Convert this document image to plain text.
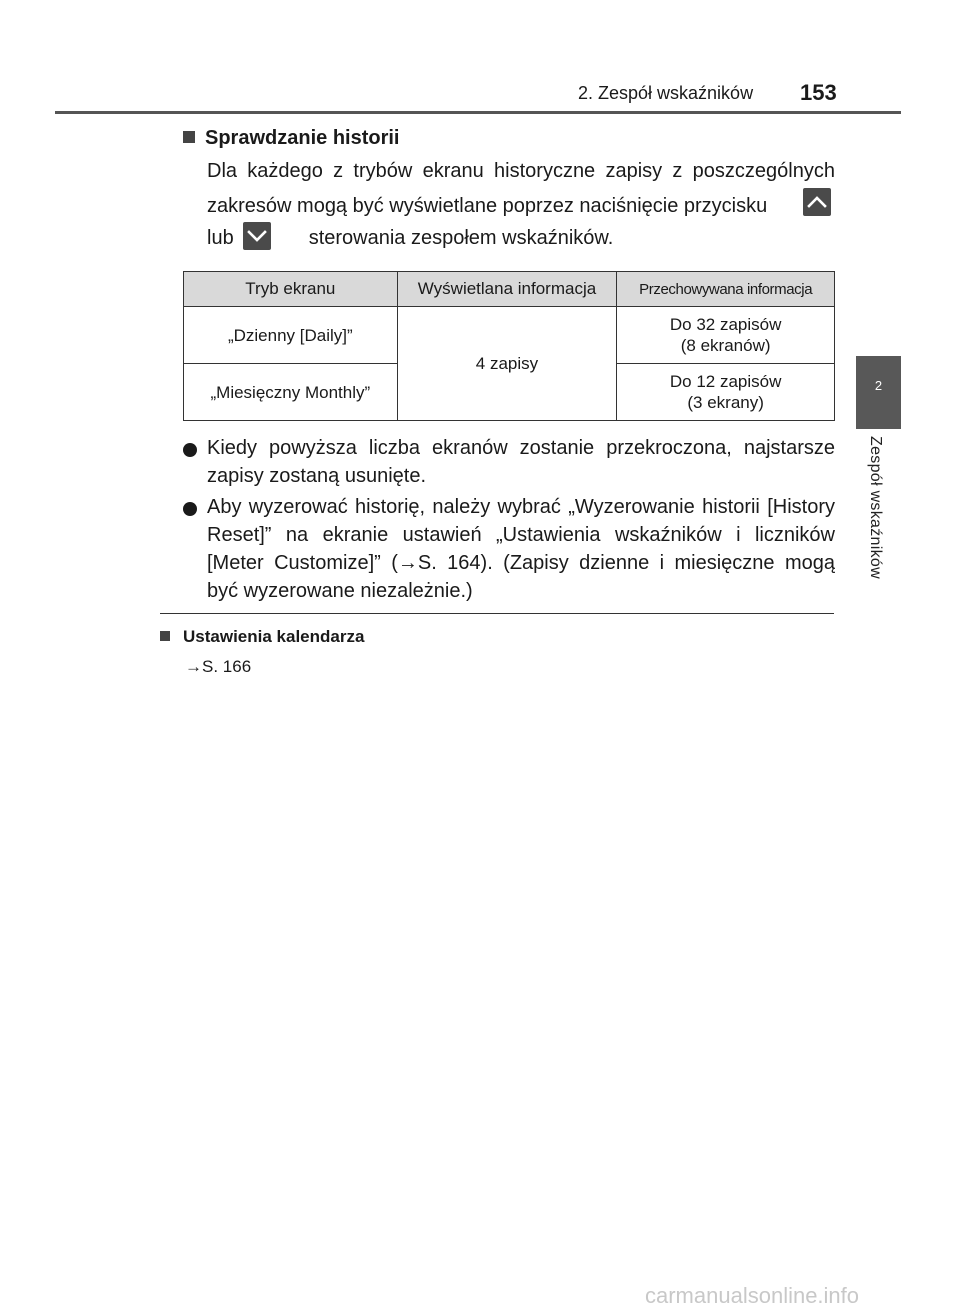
2. Zespół wskaźników 153
2
Zespół wskaźników
Sprawdzanie historii
Dla każdego z trybów ekranu historyczne zapisy z poszczególnych
zakresów mogą być wyświetlane poprzez naciśnięcie przycisku
lub	sterowania zespołem wskaźników.
Tryb ekranu	Wyświetlana informacja	Przechowywana informacja
„Dzienny [Daily]”	4 zapisy	Do 32 zapisów
(8 ekranów)
„Miesięczny Monthly”		Do 12 zapisów
(3 ekrany)
Kiedy powyższa liczba ekranów zostanie przekroczona, najstarsze
zapisy zostaną usunięte.
Aby wyzerować historię, należy wybrać „Wyzerowanie historii [History
Reset]” na ekranie ustawień „Ustawienia wskaźników i liczników
[Meter Customize]” (→S. 164). (Zapisy dzienne i miesięczne mogą
być wyzerowane niezależnie.)
Ustawienia kalendarza
→S. 166
carmanualsonline.info
